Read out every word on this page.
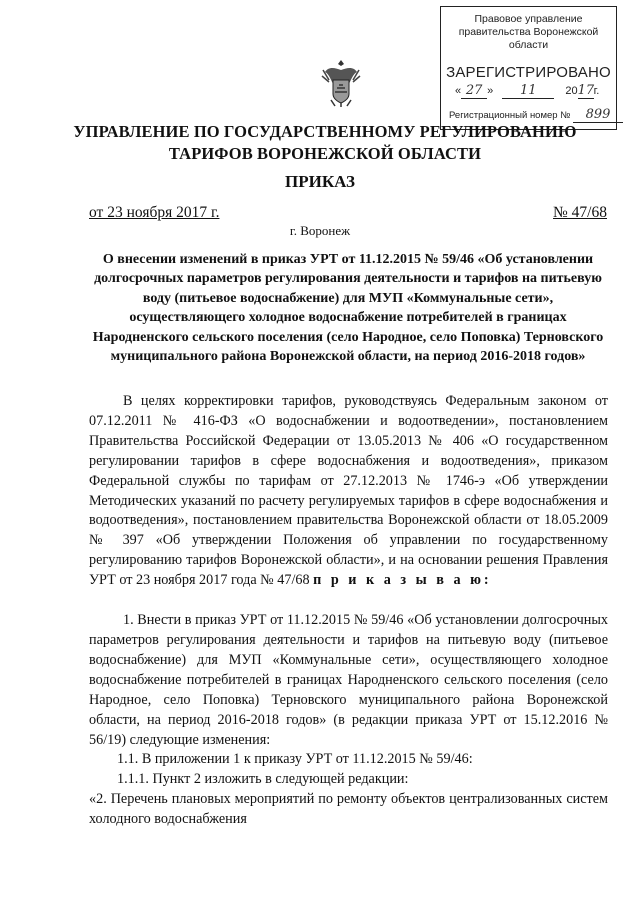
Правовое управление правительства Воронежской области
ЗАРЕГИСТРИРОВАНО
« 27 » 11	2017г.
Регистрационный номер № 899
УПРАВЛЕНИЕ ПО ГОСУДАРСТВЕННОМУ РЕГУЛИРОВАНИЮ ТАРИФОВ ВОРОНЕЖСКОЙ ОБЛАСТИ
ПРИКАЗ
от 23 ноября 2017 г.	№ 47/68
г. Воронеж
О внесении изменений в приказ УРТ от 11.12.2015 № 59/46 «Об установлении долгосрочных параметров регулирования деятельности и тарифов на питьевую воду (питьевое водоснабжение) для МУП «Коммунальные сети», осуществляющего холодное водоснабжение потребителей в границах Народненского сельского поселения (село Народное, село Поповка) Терновского муниципального района Воронежской области, на период 2016-2018 годов»

В целях корректировки тарифов, руководствуясь Федеральным законом от 07.12.2011 № 416-ФЗ «О водоснабжении и водоотведении», постановлением Правительства Российской Федерации от 13.05.2013 № 406 «О государственном регулировании тарифов в сфере водоснабжения и водоотведения», приказом Федеральной службы по тарифам от 27.12.2013 № 1746-э «Об утверждении Методических указаний по расчету регулируемых тарифов в сфере водоснабжения и водоотведения», постановлением правительства Воронежской области от 18.05.2009 № 397 «Об утверждении Положения об управлении по государственному регулированию тарифов Воронежской области», и на основании решения Правления УРТ от 23 ноября 2017 года № 47/68 п р и к а з ы в а ю:

1. Внести в приказ УРТ от 11.12.2015 № 59/46 «Об установлении долгосрочных параметров регулирования деятельности и тарифов на питьевую воду (питьевое водоснабжение) для МУП «Коммунальные сети», осуществляющего холодное водоснабжение потребителей в границах Народненского сельского поселения (село Народное, село Поповка) Терновского муниципального района Воронежской области, на период 2016-2018 годов» (в редакции приказа УРТ от 15.12.2016 № 56/19) следующие изменения:

1.1. В приложении 1 к приказу УРТ от 11.12.2015 № 59/46:

1.1.1. Пункт 2 изложить в следующей редакции:

«2. Перечень плановых мероприятий по ремонту объектов централизованных систем холодного водоснабжения
